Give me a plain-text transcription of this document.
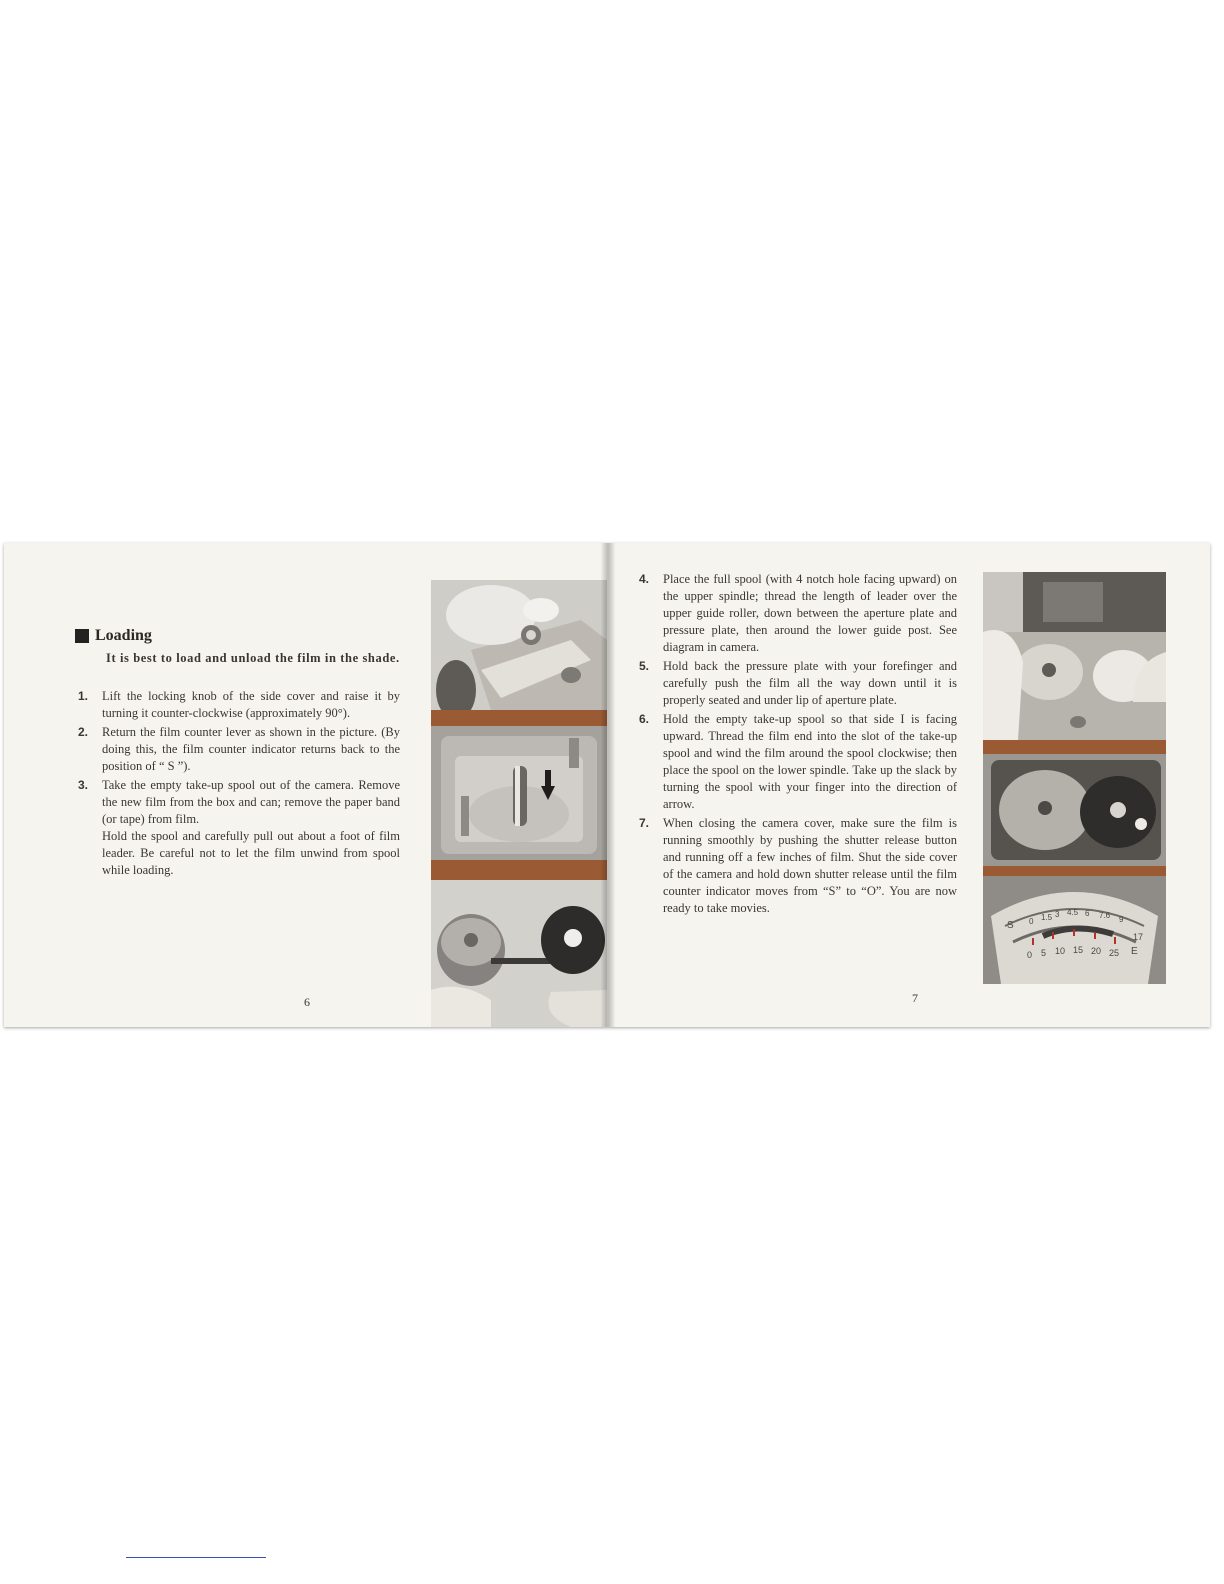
Loading
It is best to load and unload the film in the shade.
1.	Lift the locking knob of the side cover and raise it by turning it counter-clockwise (approximately 90°).

2.	Return the film counter lever as shown in the picture. (By doing this, the film counter indicator returns back to the position of “ S ”).

3.	Take the empty take-up spool out of the camera. Remove the new film from the box and can; remove the paper band (or tape) from film.

Hold the spool and carefully pull out about a foot of film leader. Be careful not to let the film unwind from spool while loading.

6
4.	Place the full spool (with 4 notch hole facing upward) on the upper spindle; thread the length of leader over the upper guide roller, down between the aperture plate and pressure plate, then around the lower guide post. See diagram in camera.

5.	Hold back the pressure plate with your forefinger and carefully push the film all the way down until it is properly seated and under lip of aperture plate.

6.	Hold the empty take-up spool so that side I is facing upward. Thread the film end into the slot of the take-up spool and wind the film around the spool clockwise; then place the spool on the lower spindle. Take up the slack by turning the spool with your finger into the direction of arrow.

7.	When closing the camera cover, make sure the film is running smoothly by pushing the shutter release button and running off a few inches of film. Shut the side cover of the camera and hold down shutter release until the film counter indicator moves from “S” to “O”. You are now ready to take movies.

7
S
E
0 1.5 3 4.5 6 7.6 9
0 5 10 15 20 25
17
